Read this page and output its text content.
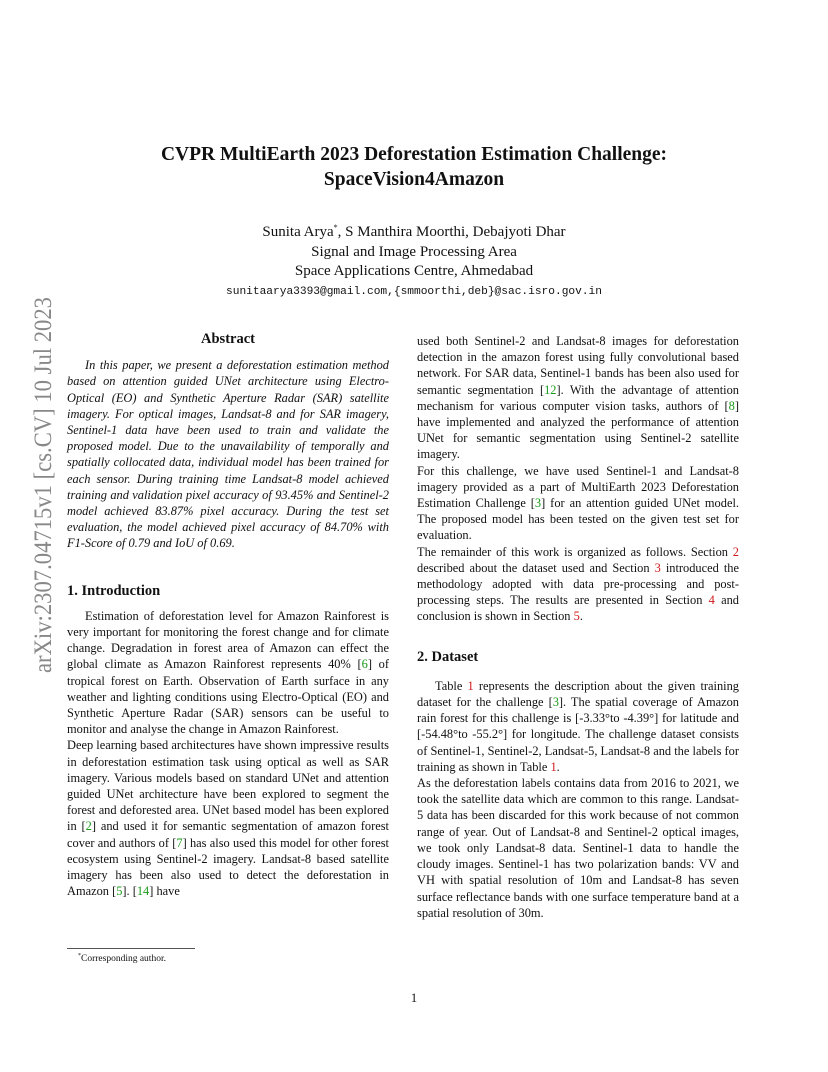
arXiv:2307.04715v1 [cs.CV] 10 Jul 2023
CVPR MultiEarth 2023 Deforestation Estimation Challenge:
SpaceVision4Amazon
Sunita Arya*, S Manthira Moorthi, Debajyoti Dhar
Signal and Image Processing Area
Space Applications Centre, Ahmedabad
sunitaarya3393@gmail.com,{smmoorthi,deb}@sac.isro.gov.in
Abstract

In this paper, we present a deforestation estimation method based on attention guided UNet architecture using Electro-Optical (EO) and Synthetic Aperture Radar (SAR) satellite imagery. For optical images, Landsat-8 and for SAR imagery, Sentinel-1 data have been used to train and validate the proposed model. Due to the unavailability of temporally and spatially collocated data, individual model has been trained for each sensor. During training time Landsat-8 model achieved training and validation pixel accuracy of 93.45% and Sentinel-2 model achieved 83.87% pixel accuracy. During the test set evaluation, the model achieved pixel accuracy of 84.70% with F1-Score of 0.79 and IoU of 0.69.

1. Introduction

Estimation of deforestation level for Amazon Rainforest is very important for monitoring the forest change and for climate change. Degradation in forest area of Amazon can effect the global climate as Amazon Rainforest represents 40% [6] of tropical forest on Earth. Observation of Earth surface in any weather and lighting conditions using Electro-Optical (EO) and Synthetic Aperture Radar (SAR) sensors can be useful to monitor and analyse the change in Amazon Rainforest.

Deep learning based architectures have shown impressive results in deforestation estimation task using optical as well as SAR imagery. Various models based on standard UNet and attention guided UNet architecture have been explored to segment the forest and deforested area. UNet based model has been explored in [2] and used it for semantic segmentation of amazon forest cover and authors of [7] has also used this model for other forest ecosystem using Sentinel-2 imagery. Landsat-8 based satellite imagery has been also used to detect the deforestation in Amazon [5]. [14] have

used both Sentinel-2 and Landsat-8 images for deforestation detection in the amazon forest using fully convolutional based network. For SAR data, Sentinel-1 bands has been also used for semantic segmentation [12]. With the advantage of attention mechanism for various computer vision tasks, authors of [8] have implemented and analyzed the performance of attention UNet for semantic segmentation using Sentinel-2 satellite imagery.

For this challenge, we have used Sentinel-1 and Landsat-8 imagery provided as a part of MultiEarth 2023 Deforestation Estimation Challenge [3] for an attention guided UNet model. The proposed model has been tested on the given test set for evaluation.

The remainder of this work is organized as follows. Section 2 described about the dataset used and Section 3 introduced the methodology adopted with data pre-processing and post-processing steps. The results are presented in Section 4 and conclusion is shown in Section 5.

2. Dataset

Table 1 represents the description about the given training dataset for the challenge [3]. The spatial coverage of Amazon rain forest for this challenge is [-3.33°to -4.39°] for latitude and [-54.48°to -55.2°] for longitude. The challenge dataset consists of Sentinel-1, Sentinel-2, Landsat-5, Landsat-8 and the labels for training as shown in Table 1.

As the deforestation labels contains data from 2016 to 2021, we took the satellite data which are common to this range. Landsat-5 data has been discarded for this work because of not common range of year. Out of Landsat-8 and Sentinel-2 optical images, we took only Landsat-8 data. Sentinel-1 data to handle the cloudy images. Sentinel-1 has two polarization bands: VV and VH with spatial resolution of 10m and Landsat-8 has seven surface reflectance bands with one surface temperature band at a spatial resolution of 30m.

*Corresponding author.
1
